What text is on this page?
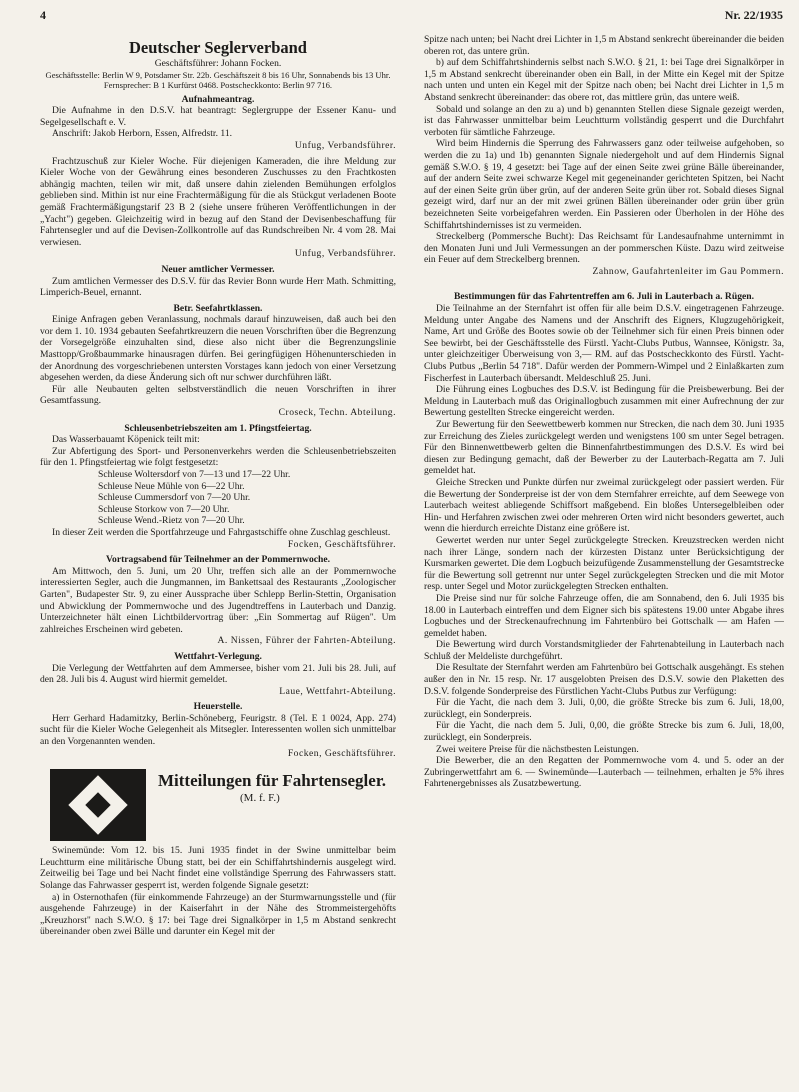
4	Nr. 22/1935
Deutscher Seglerverband
Geschäftsführer: Johann Focken.
Geschäftsstelle: Berlin W 9, Potsdamer Str. 22b. Geschäftszeit 8 bis 16 Uhr, Sonnabends bis 13 Uhr. Fernsprecher: B 1 Kurfürst 0468. Postscheckkonto: Berlin 97 716.
Aufnahmeantrag.

Die Aufnahme in den D.S.V. hat beantragt: Seglergruppe der Essener Kanu- und Segelgesellschaft e. V.

Anschrift: Jakob Herborn, Essen, Alfredstr. 11.

Unfug, Verbandsführer.

Frachtzuschuß zur Kieler Woche. Für diejenigen Kameraden, die ihre Meldung zur Kieler Woche von der Gewährung eines besonderen Zuschusses zu den Frachtkosten abhängig machten, teilen wir mit, daß unsere dahin zielenden Bemühungen erfolglos geblieben sind. Mithin ist nur eine Frachtermäßigung für die als Stückgut verladenen Boote gemäß Frachtermäßigungstarif 23 B 2 (siehe unsere früheren Veröffentlichungen in der „Yacht") gegeben. Gleichzeitig wird in bezug auf den Stand der Devisenbeschaffung für Fahrtensegler und auf die Devisen-Zollkontrolle auf das Rundschreiben Nr. 4 vom 28. Mai verwiesen.

Unfug, Verbandsführer.
Neuer amtlicher Vermesser.

Zum amtlichen Vermesser des D.S.V. für das Revier Bonn wurde Herr Math. Schmitting, Limperich-Beuel, ernannt.

Betr. Seefahrtklassen.

Einige Anfragen geben Veranlassung, nochmals darauf hinzuweisen, daß auch bei den vor dem 1. 10. 1934 gebauten Seefahrtkreuzern die neuen Vorschriften über die Begrenzung der Vorsegelgröße einzuhalten sind, diese also nicht über die Begrenzungslinie Masttopp/Großbaummarke hinausragen dürfen. Bei geringfügigen Höhenunterschieden in der Anordnung des vorgeschriebenen untersten Vorstages kann jedoch von einer Versetzung abgesehen werden, da diese Änderung sich oft nur schwer durchführen läßt.

Für alle Neubauten gelten selbstverständlich die neuen Vorschriften in ihrer Gesamtfassung.

Croseck, Techn. Abteilung.
Schleusenbetriebszeiten am 1. Pfingstfeiertag.

Das Wasserbauamt Köpenick teilt mit:

Zur Abfertigung des Sport- und Personenverkehrs werden die Schleusenbetriebszeiten für den 1. Pfingstfeiertag wie folgt festgesetzt:

Schleuse Woltersdorf von 7—13 und 17—22 Uhr.
Schleuse Neue Mühle von 6—22 Uhr.
Schleuse Cummersdorf von 7—20 Uhr.
Schleuse Storkow von 7—20 Uhr.
Schleuse Wend.-Rietz von 7—20 Uhr.

In dieser Zeit werden die Sportfahrzeuge und Fahrgastschiffe ohne Zuschlag geschleust.

Focken, Geschäftsführer.
Vortragsabend für Teilnehmer an der Pommernwoche.

Am Mittwoch, den 5. Juni, um 20 Uhr, treffen sich alle an der Pommernwoche interessierten Segler, auch die Jungmannen, im Bankettsaal des Restaurants „Zoologischer Garten", Budapester Str. 9, zu einer Aussprache über Schlepp Berlin-Stettin, Organisation und Abwicklung der Pommernwoche und des Jugendtreffens in Lauterbach und Danzig. Unterzeichneter hält einen Lichtbildervortrag über: „Ein Sommertag auf Rügen". Um zahlreiches Erscheinen wird gebeten.

A. Nissen, Führer der Fahrten-Abteilung.
Wettfahrt-Verlegung.

Die Verlegung der Wettfahrten auf dem Ammersee, bisher vom 21. Juli bis 28. Juli, auf den 28. Juli bis 4. August wird hiermit gemeldet.

Laue, Wettfahrt-Abteilung.
Heuerstelle.

Herr Gerhard Hadamitzky, Berlin-Schöneberg, Feurigstr. 8 (Tel. E 1 0024, App. 274) sucht für die Kieler Woche Gelegenheit als Mitsegler. Interessenten wollen sich unmittelbar an den Vorgenannten wenden.

Focken, Geschäftsführer.
Mitteilungen für Fahrtensegler.
(M. f. F.)

Swinemünde: Vom 12. bis 15. Juni 1935 findet in der Swine unmittelbar beim Leuchtturm eine militärische Übung statt, bei der ein Schiffahrtshindernis ausgelegt wird. Zeitweilig bei Tage und bei Nacht findet eine vollständige Sperrung des Fahrwassers statt. Solange das Fahrwasser gesperrt ist, werden folgende Signale gesetzt:

a) in Osternothafen (für einkommende Fahrzeuge) an der Sturmwarnungsstelle und (für ausgehende Fahrzeuge) in der Kaiserfahrt in der Nähe des Strommeistergehöfts „Kreuzhorst" nach S.W.O. § 17: bei Tage drei Signalkörper in 1,5 m Abstand senkrecht übereinander oben zwei Bälle und darunter ein Kegel mit der

Spitze nach unten; bei Nacht drei Lichter in 1,5 m Abstand senkrecht übereinander die beiden oberen rot, das untere grün.

b) auf dem Schiffahrtshindernis selbst nach S.W.O. § 21, 1: bei Tage drei Signalkörper in 1,5 m Abstand senkrecht übereinander oben ein Ball, in der Mitte ein Kegel mit der Spitze nach unten und unten ein Kegel mit der Spitze nach oben; bei Nacht drei Lichter in 1,5 m Abstand senkrecht übereinander: das obere rot, das mittlere grün, das untere weiß.

Sobald und solange an den zu a) und b) genannten Stellen diese Signale gezeigt werden, ist das Fahrwasser unmittelbar beim Leuchtturm vollständig gesperrt und die Durchfahrt verboten für sämtliche Fahrzeuge.

Wird beim Hindernis die Sperrung des Fahrwassers ganz oder teilweise aufgehoben, so werden die zu 1a) und 1b) genannten Signale niedergeholt und auf dem Hindernis Signal gemäß S.W.O. § 19, 4 gesetzt: bei Tage auf der einen Seite zwei grüne Bälle übereinander, auf der andern Seite zwei schwarze Kegel mit gegeneinander gerichteten Spitzen, bei Nacht auf der einen Seite grün über grün, auf der anderen Seite grün über rot. Sobald dieses Signal gezeigt wird, darf nur an der mit zwei grünen Bällen übereinander oder grün über grün bezeichneten Seite vorbeigefahren werden. Ein Passieren oder Überholen in der Höhe des Schiffahrtshindernisses ist zu vermeiden.

Streckelberg (Pommersche Bucht): Das Reichsamt für Landesaufnahme unternimmt in den Monaten Juni und Juli Vermessungen an der pommerschen Küste. Dazu wird zeitweise ein Feuer auf dem Streckelberg brennen.

Zahnow, Gaufahrtenleiter im Gau Pommern.
Bestimmungen für das Fahrtentreffen am 6. Juli in Lauterbach a. Rügen.

Die Teilnahme an der Sternfahrt ist offen für alle beim D.S.V. eingetragenen Fahrzeuge. Meldung unter Angabe des Namens und der Anschrift des Eigners, Klugzugehörigkeit, Name, Art und Größe des Bootes sowie ob der Teilnehmer sich für einen Preis binnen oder See bewirbt, bei der Geschäftsstelle des Fürstl. Yacht-Clubs Putbus, Wannsee, Königstr. 3a, unter gleichzeitiger Überweisung von 3,— RM. auf das Postscheckkonto des Fürstl. Yacht-Clubs Putbus „Berlin 54 718". Dafür werden der Pommern-Wimpel und 2 Einlaßkarten zum Fischerfest in Lauterbach übersandt. Meldeschluß 25. Juni.

Die Führung eines Logbuches des D.S.V. ist Bedingung für die Preisbewerbung. Bei der Meldung in Lauterbach muß das Originallogbuch zusammen mit einer Aufrechnung der zur Bewertung gestellten Strecke eingereicht werden.

Zur Bewertung für den Seewettbewerb kommen nur Strecken, die nach dem 30. Juni 1935 zur Erreichung des Zieles zurückgelegt werden und wenigstens 100 sm unter Segel betragen. Für den Binnenwettbewerb gelten die Binnenfahrtbestimmungen des D.S.V. Es wird bei diesen zur Bedingung gemacht, daß der Bewerber zu der Lauterbach-Regatta am 7. Juli gemeldet hat.

Gleiche Strecken und Punkte dürfen nur zweimal zurückgelegt oder passiert werden. Für die Bewertung der Sonderpreise ist der von dem Sternfahrer erreichte, auf dem Seewege von Lauterbach weitest abliegende Schiffsort maßgebend. Ein bloßes Untersegelbleiben oder Hin- und Herfahren zwischen zwei oder mehreren Orten wird nicht besonders gewertet, auch wenn die hierdurch erreichte Distanz eine größere ist.

Gewertet werden nur unter Segel zurückgelegte Strecken. Kreuzstrecken werden nicht nach ihrer Länge, sondern nach der kürzesten Distanz unter Berücksichtigung der Kursmarken gewertet. Die dem Logbuch beizufügende Zusammenstellung der Gesamtstrecke für die Bewertung soll getrennt nur unter Segel zurückgelegten Strecken und die mit Motor resp. unter Segel und Motor zurückgelegten Strecken enthalten.

Die Preise sind nur für solche Fahrzeuge offen, die am Sonnabend, den 6. Juli 1935 bis 18.00 in Lauterbach eintreffen und dem Eigner sich bis spätestens 19.00 unter Abgabe ihres Logbuches und der Streckenaufrechnung im Fahrtenbüro bei Gottschalk — am Hafen — gemeldet haben.

Die Bewertung wird durch Vorstandsmitglieder der Fahrtenabteilung in Lauterbach nach Schluß der Meldeliste durchgeführt.

Die Resultate der Sternfahrt werden am Fahrtenbüro bei Gottschalk ausgehängt. Es stehen außer den in Nr. 15 resp. Nr. 17 ausgelobten Preisen des D.S.V. sowie den Plaketten des D.S.V. folgende Sonderpreise des Fürstlichen Yacht-Clubs Putbus zur Verfügung:

Für die Yacht, die nach dem 3. Juli, 0,00, die größte Strecke bis zum 6. Juli, 18,00, zurücklegt, ein Sonderpreis.

Für die Yacht, die nach dem 5. Juli, 0,00, die größte Strecke bis zum 6. Juli, 18,00, zurücklegt, ein Sonderpreis.

Zwei weitere Preise für die nächstbesten Leistungen.

Die Bewerber, die an den Regatten der Pommernwoche vom 4. und 5. oder an der Zubringerwettfahrt am 6. — Swinemünde—Lauterbach — teilnehmen, erhalten je 5% ihres Fahrtenergebnisses als Zusatzbewertung.
